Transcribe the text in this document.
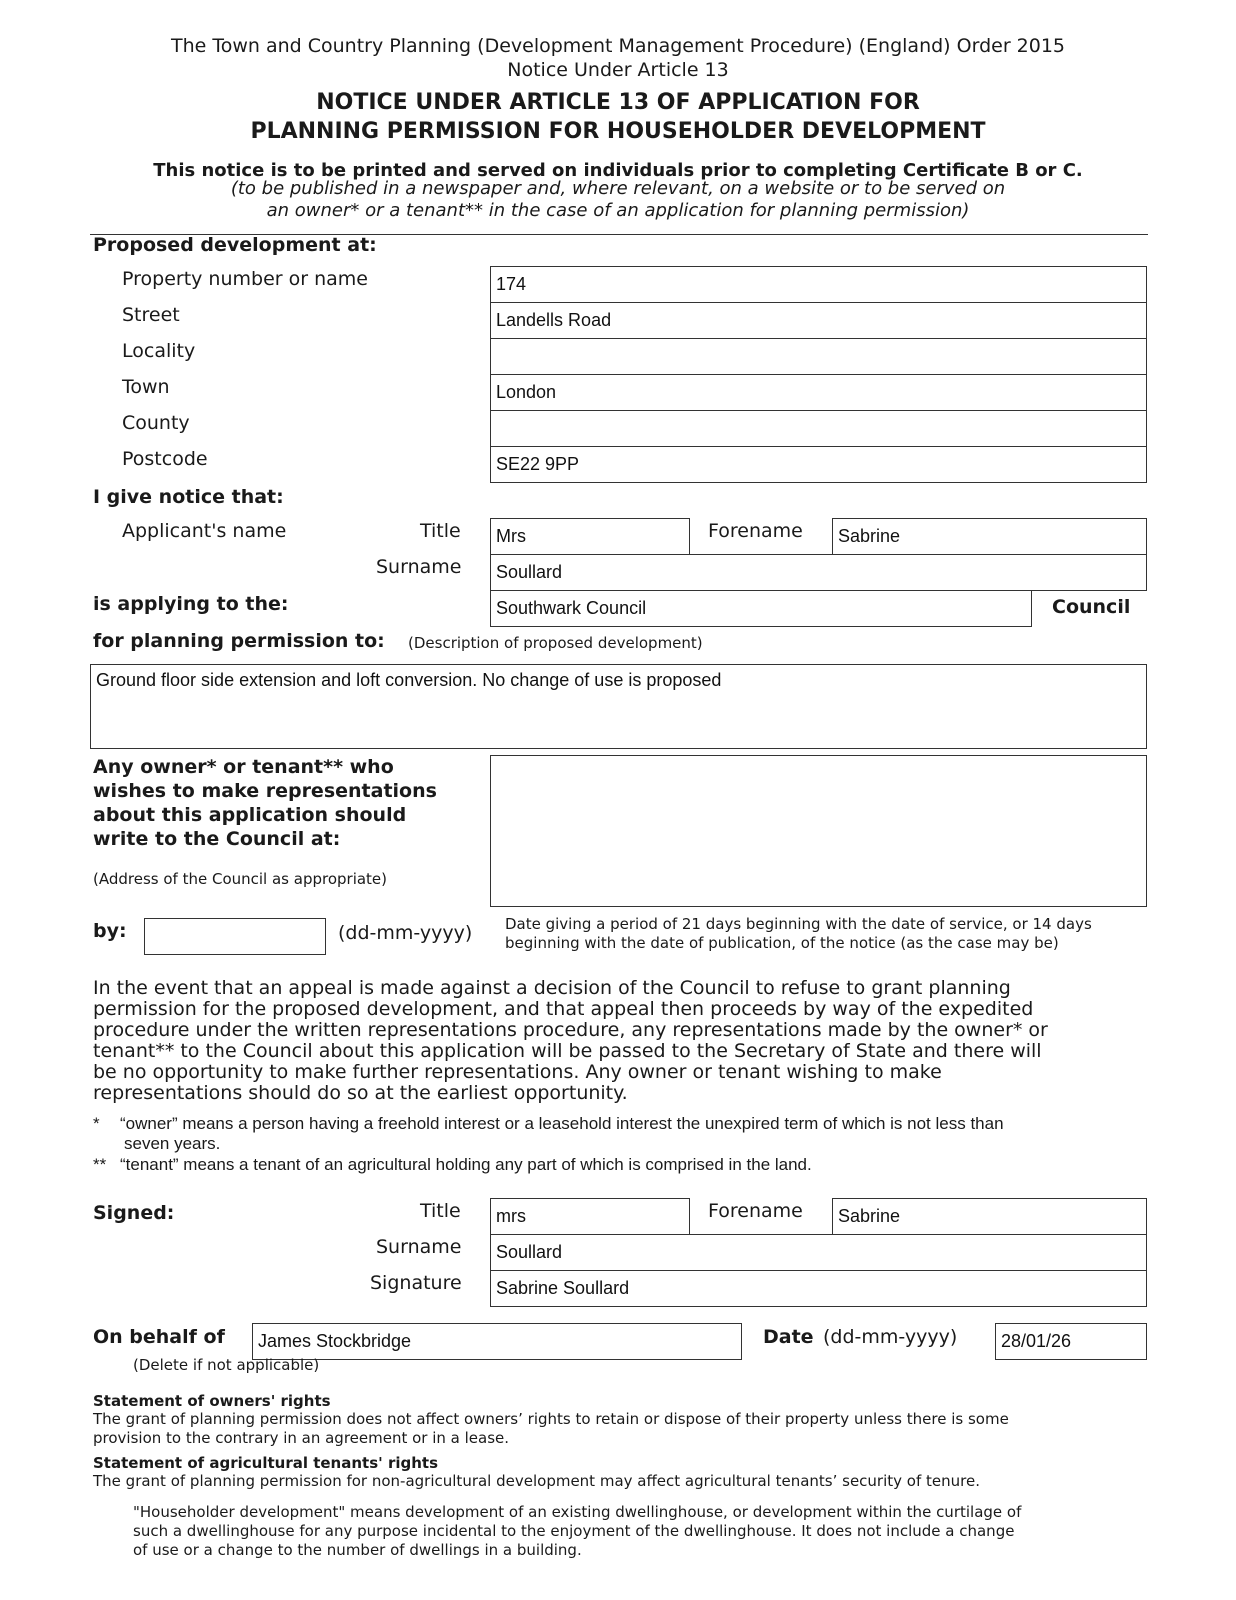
The Town and Country Planning (Development Management Procedure) (England) Order 2015
Notice Under Article 13
NOTICE UNDER ARTICLE 13 OF APPLICATION FOR
PLANNING PERMISSION FOR HOUSEHOLDER DEVELOPMENT
This notice is to be printed and served on individuals prior to completing Certificate B or C.
(to be published in a newspaper and, where relevant, on a website or to be served on
an owner* or a tenant** in the case of an application for planning permission)
Proposed development at:
Property number or name	174
Street	Landells Road
Locality
Town	London
County
Postcode	SE22 9PP
I give notice that:
Applicant's name	Title	Mrs	Forename	Sabrine
Surname	Soullard
is applying to the:	Southwark Council	Council
for planning permission to: (Description of proposed development)
Ground floor side extension and loft conversion. No change of use is proposed
Any owner* or tenant** who
wishes to make representations
about this application should
write to the Council at:
(Address of the Council as appropriate)
by:	(dd-mm-yyyy) Date giving a period of 21 days beginning with the date of service, or 14 days
beginning with the date of publication, of the notice (as the case may be)
In the event that an appeal is made against a decision of the Council to refuse to grant planning
permission for the proposed development, and that appeal then proceeds by way of the expedited
procedure under the written representations procedure, any representations made by the owner* or
tenant** to the Council about this application will be passed to the Secretary of State and there will
be no opportunity to make further representations. Any owner or tenant wishing to make
representations should do so at the earliest opportunity.
* “owner” means a person having a freehold interest or a leasehold interest the unexpired term of which is not less than
seven years.
** “tenant” means a tenant of an agricultural holding any part of which is comprised in the land.
Signed:	Title	mrs	Forename	Sabrine
Surname	Soullard
Signature	Sabrine Soullard
On behalf of	James Stockbridge
(Delete if not applicable)
Date (dd-mm-yyyy)	28/01/26
Statement of owners' rights
The grant of planning permission does not affect owners’ rights to retain or dispose of their property unless there is some
provision to the contrary in an agreement or in a lease.
Statement of agricultural tenants' rights
The grant of planning permission for non-agricultural development may affect agricultural tenants’ security of tenure.
"Householder development" means development of an existing dwellinghouse, or development within the curtilage of
such a dwellinghouse for any purpose incidental to the enjoyment of the dwellinghouse. It does not include a change
of use or a change to the number of dwellings in a building.
